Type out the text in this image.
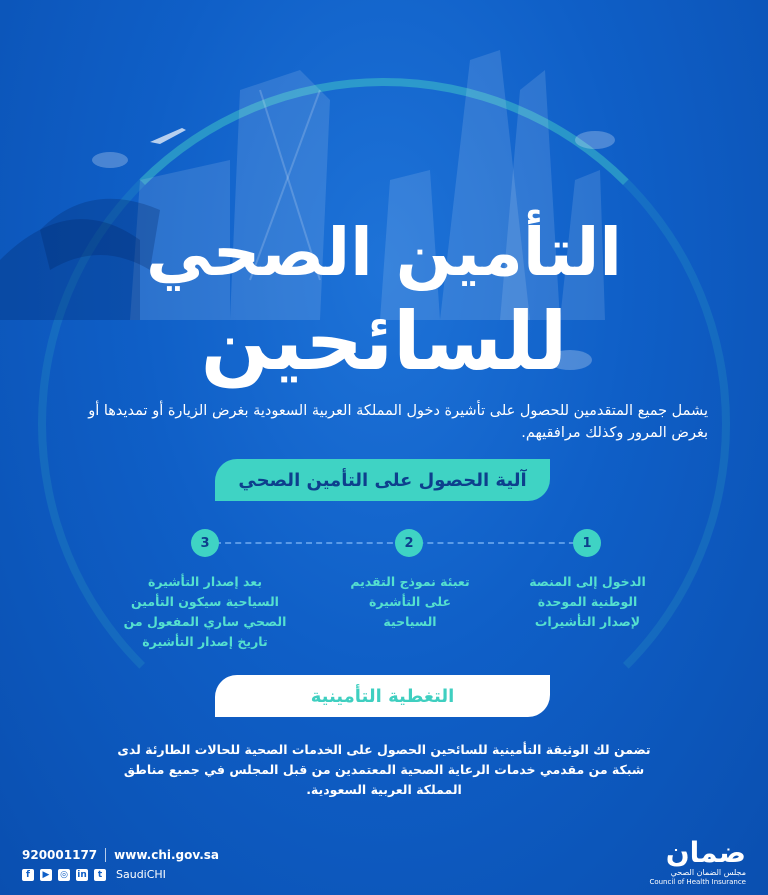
التأمين الصحي
للسائحين

يشمل جميع المتقدمين للحصول على تأشيرة دخول المملكة العربية السعودية بغرض الزيارة أو تمديدها أو بغرض المرور وكذلك مرافقيهم.

آلية الحصول على التأمين الصحي
1
2
3
الدخول إلى المنصة الوطنية الموحدة لإصدار التأشيرات
تعبئة نموذج التقديم على التأشيرة السياحية
بعد إصدار التأشيرة السياحية سيكون التأمين الصحي ساري المفعول من تاريخ إصدار التأشيرة
التغطية التأمينية

تضمن لك الوثيقة التأمينية للسائحين الحصول على الخدمات الصحية للحالات الطارئة لدى شبكة من مقدمي خدمات الرعاية الصحية المعتمدين من قبل المجلس في جميع مناطق المملكة العربية السعودية.

920001177 www.chi.gov.sa
f	▶ ◎ in	t	SaudiCHI
ضمان
مجلس الضمان الصحي
Council of Health Insurance
